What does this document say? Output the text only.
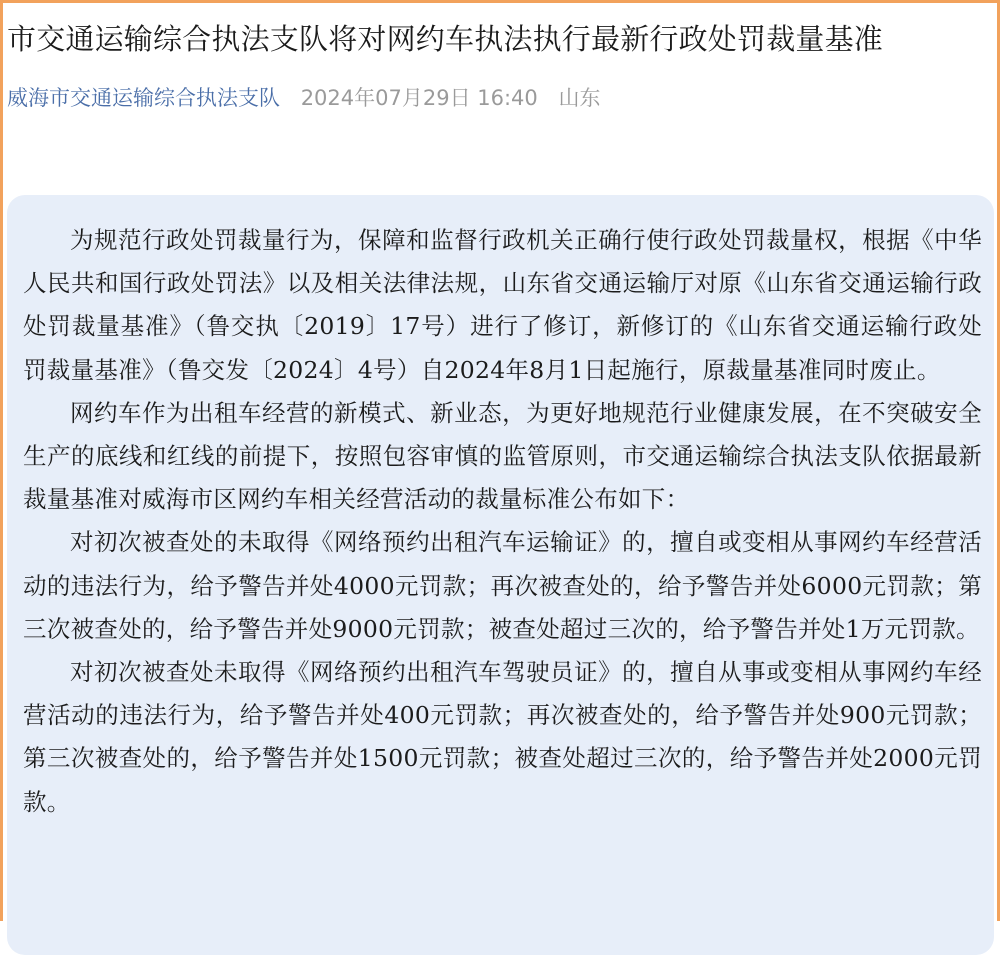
市交通运输综合执法支队将对网约车执法执行最新行政处罚裁量基准
威海市交通运输综合执法支队 2024年07月29日 16:40 山东

为规范行政处罚裁量行为，保障和监督行政机关正确行使行政处罚裁量权，根据《中华人民共和国行政处罚法》以及相关法律法规，山东省交通运输厅对原《山东省交通运输行政处罚裁量基准》（鲁交执〔2019〕17号）进行了修订，新修订的《山东省交通运输行政处罚裁量基准》（鲁交发〔2024〕4号）自2024年8月1日起施行，原裁量基准同时废止。

网约车作为出租车经营的新模式、新业态，为更好地规范行业健康发展，在不突破安全生产的底线和红线的前提下，按照包容审慎的监管原则，市交通运输综合执法支队依据最新裁量基准对威海市区网约车相关经营活动的裁量标准公布如下：

对初次被查处的未取得《网络预约出租汽车运输证》的，擅自或变相从事网约车经营活动的违法行为，给予警告并处4000元罚款；再次被查处的，给予警告并处6000元罚款；第三次被查处的，给予警告并处9000元罚款；被查处超过三次的，给予警告并处1万元罚款。

对初次被查处未取得《网络预约出租汽车驾驶员证》的，擅自从事或变相从事网约车经营活动的违法行为，给予警告并处400元罚款；再次被查处的，给予警告并处900元罚款；第三次被查处的，给予警告并处1500元罚款；被查处超过三次的，给予警告并处2000元罚款。
